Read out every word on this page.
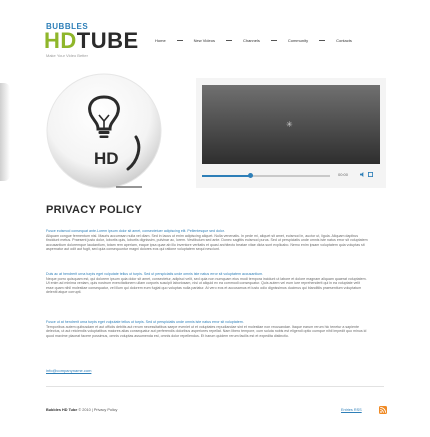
BUBBLES
HDTUBE
Make Your Video Better
Home	New Videos	Channels	Community	Contacts
HD
✳
00:00
PRIVACY POLICY
Fusce euismod consequat ante.Lorem ipsum dolor sit amet, consectetuer adipiscing elit. Pellentesque sed dolor.
Aliquam congue fermentum nisl. Mauris accumsan nulla vel diam. Sed in lacus ut enim adipiscing aliquet. Nulla venenatis. In pede mi, aliquet sit amet, euismod in, auctor ut, ligula. Aliquam dapibus tincidunt metus. Praesent justo dolor, lobortis quis, lobortis dignissim, pulvinar ac, lorem. Vestibulum sed ante. Donec sagittis euismod purus. Sed ut perspiciatis unde omnis iste natus error sit voluptatem accusantium doloremque laudantium, totam rem aperiam, eaque ipsa quae ab illo inventore veritatis et quasi architecto beatae vitae dicta sunt explicabo. Nemo enim ipsam voluptatem quia voluptas sit aspernatur aut odit aut fugit, sed quia consequuntur magni dolores eos qui ratione voluptatem sequi nesciunt.
Duis ac at hendrerit urna turpis eget vulputate tellus ut turpis. Sed ut perspiciatis unde omnis iste natus error sit voluptatem accusantium.
Neque porro quisquam est, qui dolorem ipsum quia dolor sit amet, consectetur, adipisci velit, sed quia non numquam eius modi tempora incidunt ut labore et dolore magnam aliquam quaerat voluptatem. Ut enim ad minima veniam, quis nostrum exercitationem ullam corporis suscipit laboriosam, nisi ut aliquid ex ea commodi consequatur. Quis autem vel eum iure reprehenderit qui in ea voluptate velit esse quam nihil molestiae consequatur, vel illum qui dolorem eum fugiat quo voluptas nulla pariatur. At vero eos et accusamus et iusto odio dignissimos ducimus qui blanditiis praesentium voluptatum deleniti atque corrupti.
Fusce ut at hendrerit urna turpis eget vulputate tellus ut turpis. Sed ut perspiciatis unde omnis iste natus error sit voluptatem.
Temporibus autem quibusdam et aut officiis debitis aut rerum necessitatibus saepe eveniet ut et voluptates repudiandae sint et molestiae non recusandae. Itaque earum rerum hic tenetur a sapiente delectus, ut aut reiciendis voluptatibus maiores alias consequatur aut perferendis doloribus asperiores repellat. Nam libero tempore, cum soluta nobis est eligendi optio cumque nihil impedit quo minus id quod maxime placeat facere possimus, omnis voluptas assumenda est, omnis dolor repellendus. Et harum quidem rerum facilis est et expedita distinctio.
info@companyname.com
Bubbles HD Tube © 2010 | Privacy Policy	Entries RSS
